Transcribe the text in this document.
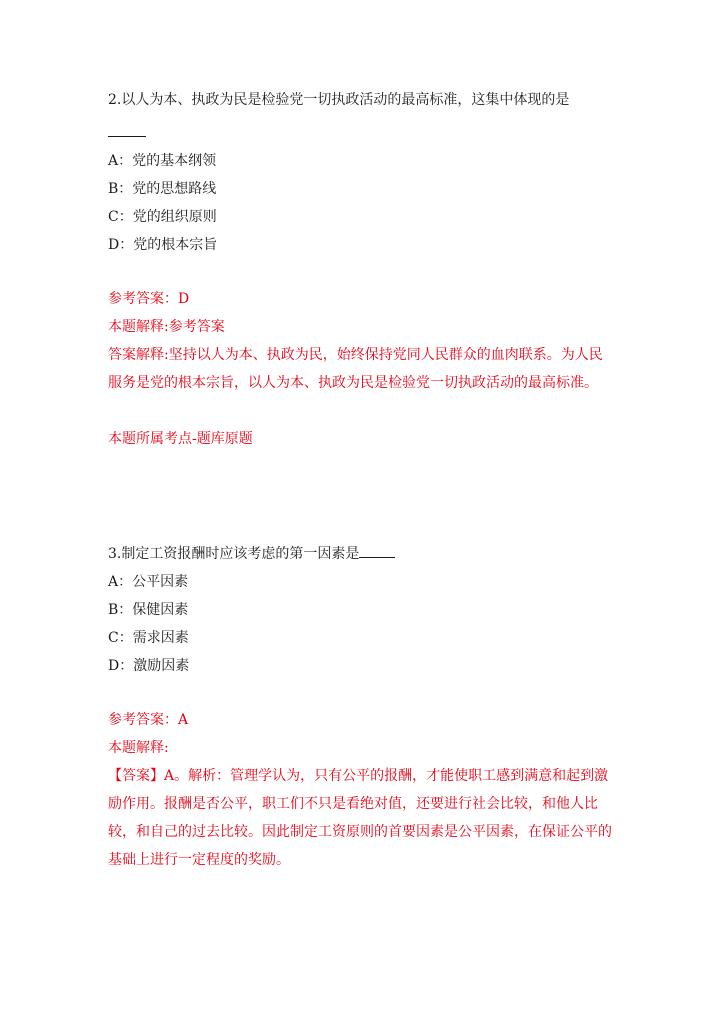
2.以人为本、执政为民是检验党一切执政活动的最高标准，这集中体现的是

A：党的基本纲领

B：党的思想路线

C：党的组织原则

D：党的根本宗旨

参考答案：D

本题解释:参考答案

答案解释:坚持以人为本、执政为民，始终保持党同人民群众的血肉联系。为人民服务是党的根本宗旨，以人为本、执政为民是检验党一切执政活动的最高标准。

本题所属考点-题库原题

3.制定工资报酬时应该考虑的第一因素是

A：公平因素

B：保健因素

C：需求因素

D：激励因素

参考答案：A

本题解释:

【答案】A。解析：管理学认为，只有公平的报酬，才能使职工感到满意和起到激励作用。报酬是否公平，职工们不只是看绝对值，还要进行社会比较，和他人比较，和自己的过去比较。因此制定工资原则的首要因素是公平因素，在保证公平的基础上进行一定程度的奖励。
